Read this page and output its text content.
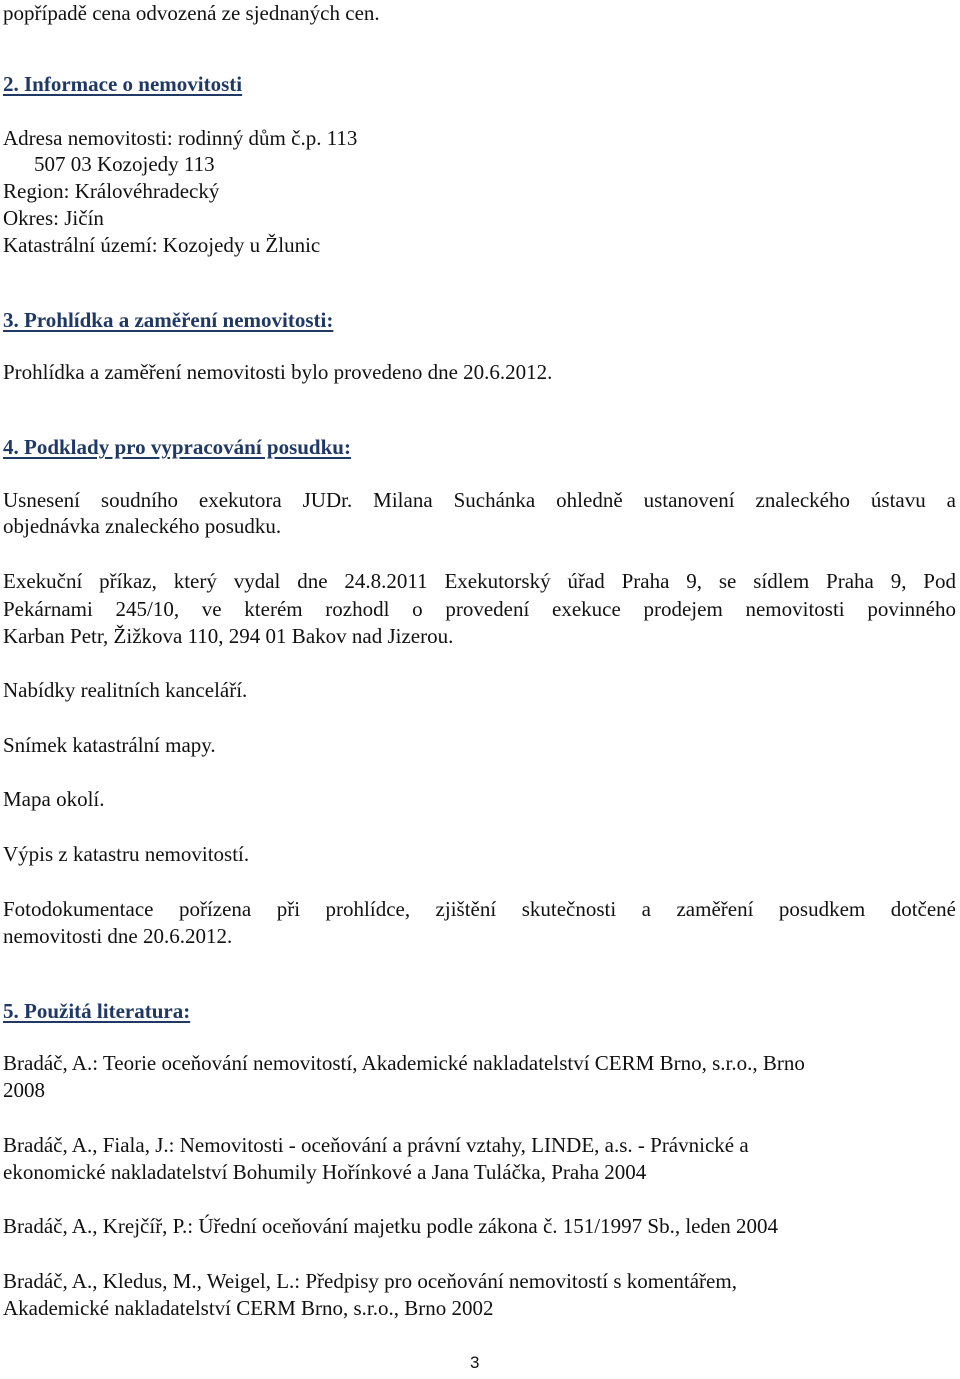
popřípadě cena odvozená ze sjednaných cen.

2. Informace o nemovitosti

Adresa nemovitosti: rodinný dům č.p. 113

507 03 Kozojedy 113

Region: Královéhradecký

Okres: Jičín

Katastrální území: Kozojedy u Žlunic

3. Prohlídka a zaměření nemovitosti:

Prohlídka a zaměření nemovitosti bylo provedeno dne 20.6.2012.

4. Podklady pro vypracování posudku:

Usnesení soudního exekutora JUDr. Milana Suchánka ohledně ustanovení znaleckého ústavu a

objednávka znaleckého posudku.

Exekuční příkaz, který vydal dne 24.8.2011 Exekutorský úřad Praha 9, se sídlem Praha 9, Pod

Pekárnami 245/10, ve kterém rozhodl o provedení exekuce prodejem nemovitosti povinného

Karban Petr, Žižkova 110, 294 01 Bakov nad Jizerou.

Nabídky realitních kanceláří.

Snímek katastrální mapy.

Mapa okolí.

Výpis z katastru nemovitostí.

Fotodokumentace pořízena při prohlídce, zjištění skutečnosti a zaměření posudkem dotčené

nemovitosti dne 20.6.2012.

5. Použitá literatura:

Bradáč, A.: Teorie oceňování nemovitostí, Akademické nakladatelství CERM Brno, s.r.o., Brno

2008

Bradáč, A., Fiala, J.: Nemovitosti - oceňování a právní vztahy, LINDE, a.s. - Právnické a

ekonomické nakladatelství Bohumily Hořínkové a Jana Tuláčka, Praha 2004

Bradáč, A., Krejčíř, P.: Úřední oceňování majetku podle zákona č. 151/1997 Sb., leden 2004

Bradáč, A., Kledus, M., Weigel, L.: Předpisy pro oceňování nemovitostí s komentářem,

Akademické nakladatelství CERM Brno, s.r.o., Brno 2002

3
